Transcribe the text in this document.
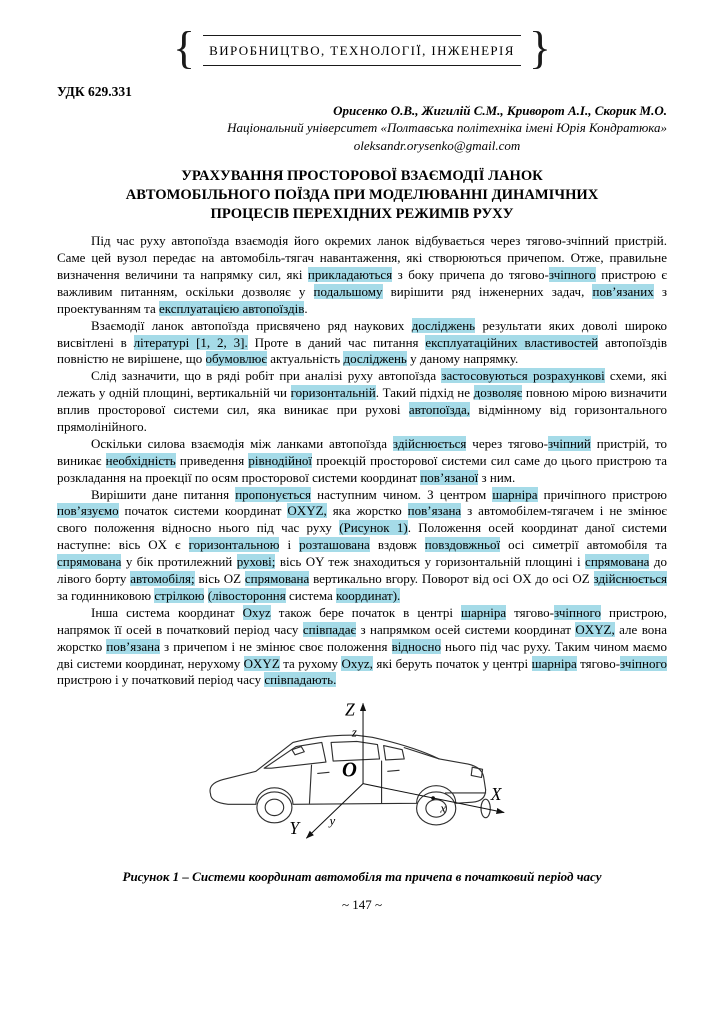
{	ВИРОБНИЦТВО, ТЕХНОЛОГІЇ, ІНЖЕНЕРІЯ }
УДК 629.331
Орисенко О.В., Жигилій С.М., Криворот А.І., Скорик М.О.
Національний університет «Полтавська політехніка імені Юрія Кондратюка»
oleksandr.orysenko@gmail.com
УРАХУВАННЯ ПРОСТОРОВОЇ ВЗАЄМОДІЇ ЛАНОК
АВТОМОБІЛЬНОГО ПОЇЗДА ПРИ МОДЕЛЮВАННІ ДИНАМІЧНИХ
ПРОЦЕСІВ ПЕРЕХІДНИХ РЕЖИМІВ РУХУ

Під час руху автопоїзда взаємодія його окремих ланок відбувається через тягово-зчіпний пристрій. Саме цей вузол передає на автомобіль-тягач навантаження, які створюються причепом. Отже, правильне визначення величини та напрямку сил, які прикладаються з боку причепа до тягово-зчіпного пристрою є важливим питанням, оскільки дозволяє у подальшому вирішити ряд інженерних задач, пов’язаних з проектуванням та експлуатацією автопоїздів.

Взаємодії ланок автопоїзда присвячено ряд наукових досліджень результати яких доволі широко висвітлені в літературі [1, 2, 3]. Проте в даний час питання експлуатаційних властивостей автопоїздів повністю не вирішене, що обумовлює актуальність досліджень у даному напрямку.

Слід зазначити, що в ряді робіт при аналізі руху автопоїзда застосовуються розрахункові схеми, які лежать у одній площині, вертикальній чи горизонтальній. Такий підхід не дозволяє повною мірою визначити вплив просторової системи сил, яка виникає при рухові автопоїзда, відмінному від горизонтального прямолінійного.

Оскільки силова взаємодія між ланками автопоїзда здійснюється через тягово-зчіпний пристрій, то виникає необхідність приведення рівнодійної проекцій просторової системи сил саме до цього пристрою та розкладання на проекції по осям просторової системи координат пов’язаної з ним.

Вирішити дане питання пропонується наступним чином. З центром шарніра причіпного пристрою пов’язуємо початок системи координат OXYZ, яка жорстко пов’язана з автомобілем-тягачем і не змінює свого положення відносно нього під час руху (Рисунок 1). Положення осей координат даної системи наступне: вісь OX є горизонтальною і розташована вздовж повздовжньої осі симетрії автомобіля та спрямована у бік протилежний рухові; вісь OY теж знаходиться у горизонтальній площині і спрямована до лівого борту автомобіля; вісь OZ спрямована вертикально вгору. Поворот від осі OX до осі OZ здійснюється за годинниковою стрілкою (лівостороння система координат).

Інша система координат Oxyz також бере початок в центрі шарніра тягово-зчіпного пристрою, напрямок її осей в початковий період часу співпадає з напрямком осей системи координат OXYZ, але вона жорстко пов’язана з причепом і не змінює своє положення відносно нього під час руху. Таким чином маємо дві системи координат, нерухому OXYZ та рухому Oxyz, які беруть початок у центрі шарніра тягово-зчіпного пристрою і у початковий період часу співпадають.

Z
z
O
X
x
Y y
Рисунок 1 – Системи координат автомобіля та причепа в початковий період часу
~ 147 ~
